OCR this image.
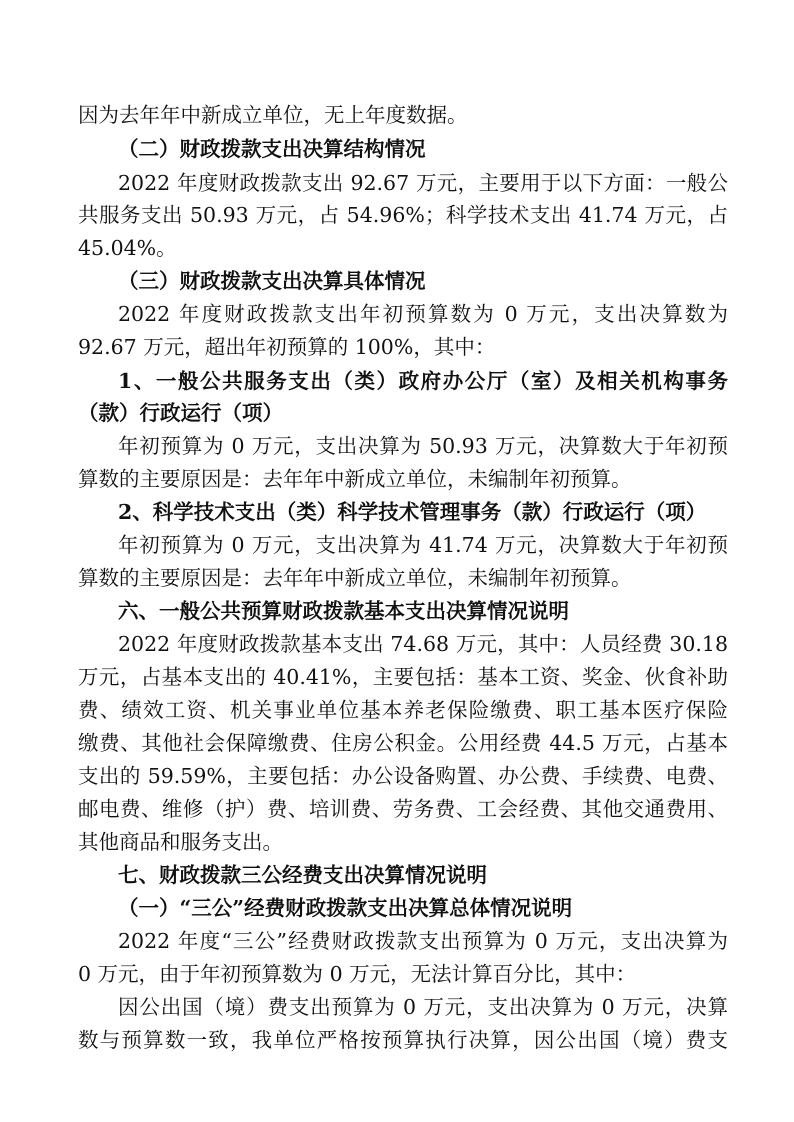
因为去年年中新成立单位，无上年度数据。
（二）财政拨款支出决算结构情况
2022 年度财政拨款支出 92.67 万元，主要用于以下方面：一般公
共服务支出 50.93 万元，占 54.96%；科学技术支出 41.74 万元，占
45.04%。
（三）财政拨款支出决算具体情况
2022 年度财政拨款支出年初预算数为 0 万元，支出决算数为
92.67 万元，超出年初预算的 100%，其中：
1、一般公共服务支出（类）政府办公厅（室）及相关机构事务
（款）行政运行（项）
年初预算为 0 万元，支出决算为 50.93 万元，决算数大于年初预
算数的主要原因是：去年年中新成立单位，未编制年初预算。
2、科学技术支出（类）科学技术管理事务（款）行政运行（项）
年初预算为 0 万元，支出决算为 41.74 万元，决算数大于年初预
算数的主要原因是：去年年中新成立单位，未编制年初预算。
六、一般公共预算财政拨款基本支出决算情况说明
2022 年度财政拨款基本支出 74.68 万元，其中：人员经费 30.18
万元，占基本支出的 40.41%，主要包括：基本工资、奖金、伙食补助
费、绩效工资、机关事业单位基本养老保险缴费、职工基本医疗保险
缴费、其他社会保障缴费、住房公积金。公用经费 44.5 万元，占基本
支出的 59.59%，主要包括：办公设备购置、办公费、手续费、电费、
邮电费、维修（护）费、培训费、劳务费、工会经费、其他交通费用、
其他商品和服务支出。
七、财政拨款三公经费支出决算情况说明
（一）“三公”经费财政拨款支出决算总体情况说明
2022 年度“三公”经费财政拨款支出预算为 0 万元，支出决算为
0 万元，由于年初预算数为 0 万元，无法计算百分比，其中：
因公出国（境）费支出预算为 0 万元，支出决算为 0 万元，决算
数与预算数一致，我单位严格按预算执行决算，因公出国（境）费支
